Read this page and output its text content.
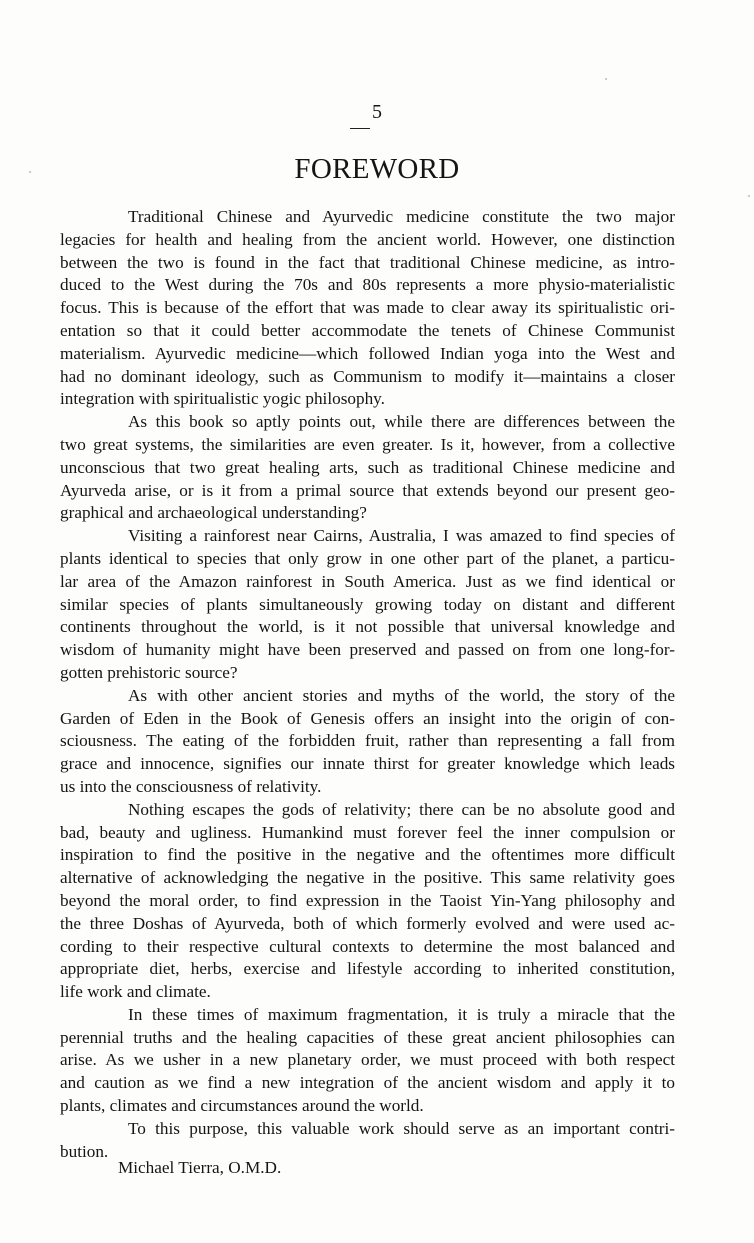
5
FOREWORD
Traditional Chinese and Ayurvedic medicine constitute the two major
legacies for health and healing from the ancient world. However, one distinction
between the two is found in the fact that traditional Chinese medicine, as intro-
duced to the West during the 70s and 80s represents a more physio-materialistic
focus. This is because of the effort that was made to clear away its spiritualistic ori-
entation so that it could better accommodate the tenets of Chinese Communist
materialism. Ayurvedic medicine—which followed Indian yoga into the West and
had no dominant ideology, such as Communism to modify it—maintains a closer
integration with spiritualistic yogic philosophy.
As this book so aptly points out, while there are differences between the
two great systems, the similarities are even greater. Is it, however, from a collective
unconscious that two great healing arts, such as traditional Chinese medicine and
Ayurveda arise, or is it from a primal source that extends beyond our present geo-
graphical and archaeological understanding?
Visiting a rainforest near Cairns, Australia, I was amazed to find species of
plants identical to species that only grow in one other part of the planet, a particu-
lar area of the Amazon rainforest in South America. Just as we find identical or
similar species of plants simultaneously growing today on distant and different
continents throughout the world, is it not possible that universal knowledge and
wisdom of humanity might have been preserved and passed on from one long-for-
gotten prehistoric source?
As with other ancient stories and myths of the world, the story of the
Garden of Eden in the Book of Genesis offers an insight into the origin of con-
sciousness. The eating of the forbidden fruit, rather than representing a fall from
grace and innocence, signifies our innate thirst for greater knowledge which leads
us into the consciousness of relativity.
Nothing escapes the gods of relativity; there can be no absolute good and
bad, beauty and ugliness. Humankind must forever feel the inner compulsion or
inspiration to find the positive in the negative and the oftentimes more difficult
alternative of acknowledging the negative in the positive. This same relativity goes
beyond the moral order, to find expression in the Taoist Yin-Yang philosophy and
the three Doshas of Ayurveda, both of which formerly evolved and were used ac-
cording to their respective cultural contexts to determine the most balanced and
appropriate diet, herbs, exercise and lifestyle according to inherited constitution,
life work and climate.
In these times of maximum fragmentation, it is truly a miracle that the
perennial truths and the healing capacities of these great ancient philosophies can
arise. As we usher in a new planetary order, we must proceed with both respect
and caution as we find a new integration of the ancient wisdom and apply it to
plants, climates and circumstances around the world.
To this purpose, this valuable work should serve as an important contri-
bution.
Michael Tierra, O.M.D.
